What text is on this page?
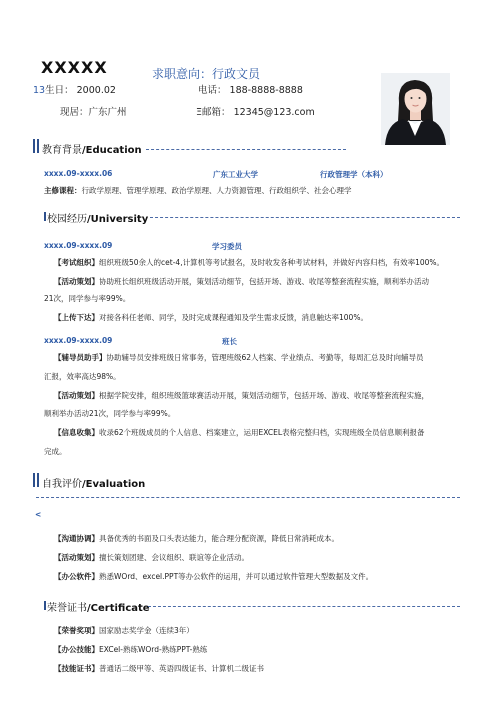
XXXXX	求职意向：行政文员
13生日： 2000.02	电话： 188-8888-8888
现居：广东广州	Ξ邮箱： 12345@123.com
教育背景/Education
xxxx.09-xxxx.06	广东工业大学	行政管理学（本科）
主修课程：行政学原理、管理学原理、政治学原理、人力资源管理、行政组织学、社会心理学
校园经历/University
xxxx.09-xxxx.09	学习委员
【考试组织】组织班级50余人的cet-4,计算机等考试报名，及时收发各种考试材料，并做好内容归档，有效率100%。
【活动策划】协助班长组织班级活动开展，策划活动细节，包括开场、游戏、收尾等整套流程实施，顺利举办活动
21次，同学参与率99%。
【上传下达】对接各科任老师、同学，及时完成课程通知及学生需求反馈，消息触达率100%。
xxxx.09-xxxx.09	班长
【辅导员助手】协助辅导员安排班级日常事务，管理班级62人档案、学业绩点、考勤等，每周汇总及时向辅导员
汇报，效率高达98%。
【活动策划】根据学院安排，组织班级篮球赛活动开展，策划活动细节，包括开场、游戏、收尾等整套流程实施，
顺利举办活动21次，同学参与率99%。
【信息收集】收录62个班级成员的个人信息、档案建立，运用EXCEL表格完整归档，实现班级全员信息顺利报备
完成。
自我评价/Evaluation
<
【沟通协调】具备优秀的书面及口头表达能力，能合理分配资源，降低日常消耗成本。
【活动策划】擅长策划团建、会议组织、联谊等企业活动。
【办公软件】熟悉WOrd、excel.PPT等办公软件的运用，并可以通过软件管理大型数据及文件。
荣誉证书/Certificate
【荣誉奖项】国家励志奖学金（连续3年）
【办公技能】EXCel-熟练WOrd-熟练PPT-熟练
【技能证书】普通话二级甲等、英语四级证书、计算机二级证书
